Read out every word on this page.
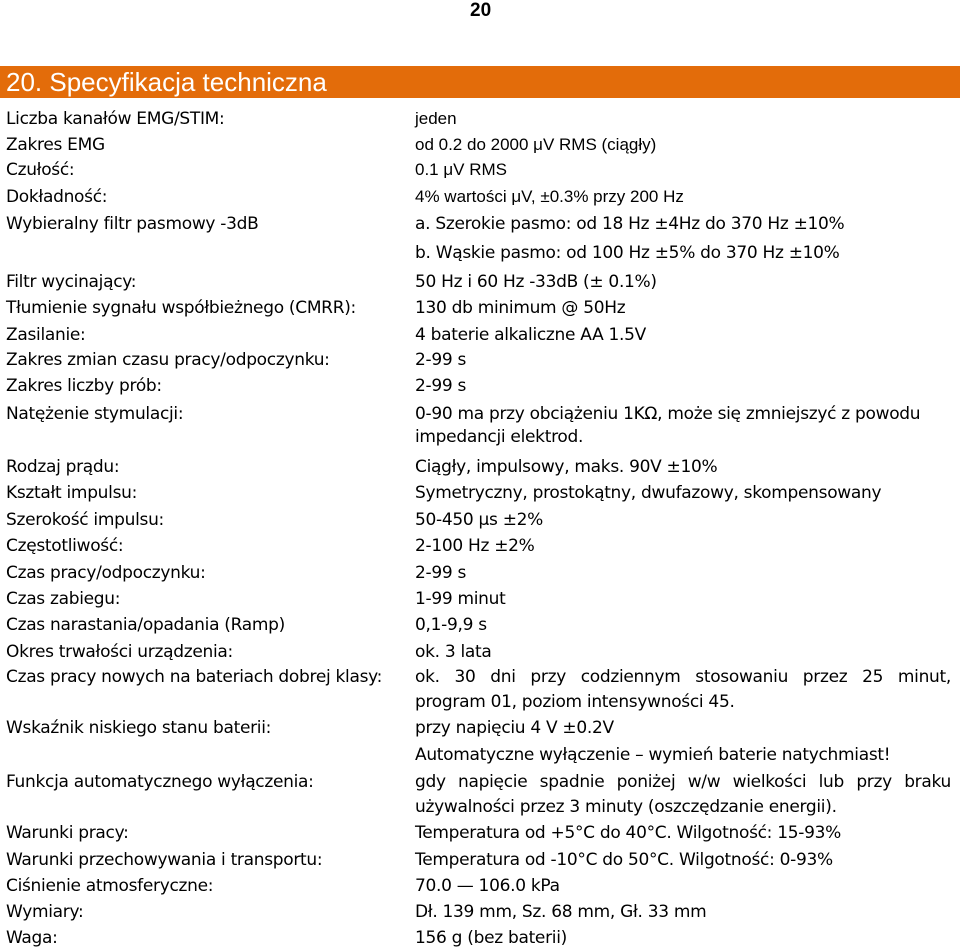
20
20. Specyfikacja techniczna
Liczba kanałów EMG/STIM:	jeden
Zakres EMG	od 0.2 do 2000 μV RMS (ciągły)
Czułość:	0.1 μV RMS
Dokładność:	4% wartości μV, ±0.3% przy 200 Hz
Wybieralny filtr pasmowy -3dB	a. Szerokie pasmo: od 18 Hz ±4Hz do 370 Hz ±10%
b. Wąskie pasmo: od 100 Hz ±5% do 370 Hz ±10%
Filtr wycinający:	50 Hz i 60 Hz -33dB (± 0.1%)
Tłumienie sygnału współbieżnego (CMRR):	130 db minimum @ 50Hz
Zasilanie:	4 baterie alkaliczne AA 1.5V
Zakres zmian czasu pracy/odpoczynku:	2-99 s
Zakres liczby prób:	2-99 s
Natężenie stymulacji:	0-90 ma przy obciążeniu 1KΩ, może się zmniejszyć z powodu
impedancji elektrod.
Rodzaj prądu:	Ciągły, impulsowy, maks. 90V ±10%
Kształt impulsu:	Symetryczny, prostokątny, dwufazowy, skompensowany
Szerokość impulsu:	50-450 μs ±2%
Częstotliwość:	2-100 Hz ±2%
Czas pracy/odpoczynku:	2-99 s
Czas zabiegu:	1-99 minut
Czas narastania/opadania (Ramp)	0,1-9,9 s
Okres trwałości urządzenia:	ok. 3 lata
Czas pracy nowych na bateriach dobrej klasy: ok. 30 dni przy codziennym stosowaniu przez 25 minut,
program 01, poziom intensywności 45.
Wskaźnik niskiego stanu baterii:	przy napięciu 4 V ±0.2V
Automatyczne wyłączenie – wymień baterie natychmiast!
Funkcja automatycznego wyłączenia:	gdy napięcie spadnie poniżej w/w wielkości lub przy braku
używalności przez 3 minuty (oszczędzanie energii).
Warunki pracy:	Temperatura od +5°C do 40°C. Wilgotność: 15-93%
Warunki przechowywania i transportu:	Temperatura od -10°C do 50°C. Wilgotność: 0-93%
Ciśnienie atmosferyczne:	70.0 — 106.0 kPa
Wymiary:	Dł. 139 mm, Sz. 68 mm, Gł. 33 mm
Waga:	156 g (bez baterii)
